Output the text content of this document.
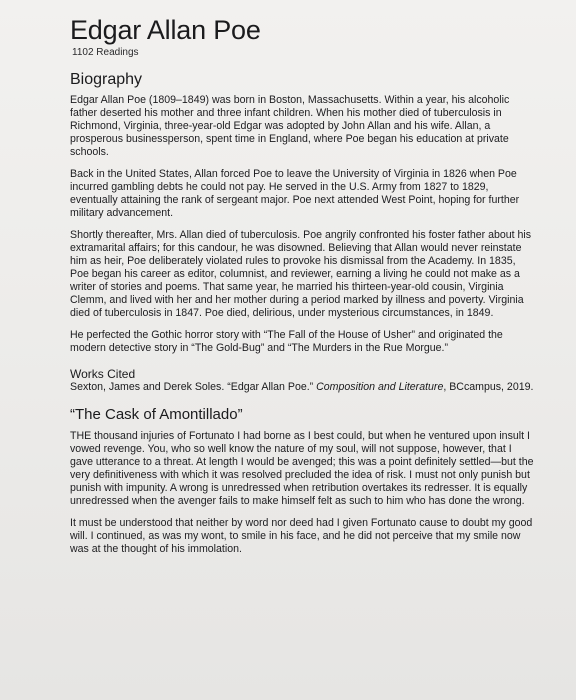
Edgar Allan Poe
1102 Readings
Biography

Edgar Allan Poe (1809–1849) was born in Boston, Massachusetts. Within a year, his alcoholic father deserted his mother and three infant children. When his mother died of tuberculosis in Richmond, Virginia, three-year-old Edgar was adopted by John Allan and his wife. Allan, a prosperous businessperson, spent time in England, where Poe began his education at private schools.

Back in the United States, Allan forced Poe to leave the University of Virginia in 1826 when Poe incurred gambling debts he could not pay. He served in the U.S. Army from 1827 to 1829, eventually attaining the rank of sergeant major. Poe next attended West Point, hoping for further military advancement.

Shortly thereafter, Mrs. Allan died of tuberculosis. Poe angrily confronted his foster father about his extramarital affairs; for this candour, he was disowned. Believing that Allan would never reinstate him as heir, Poe deliberately violated rules to provoke his dismissal from the Academy. In 1835, Poe began his career as editor, columnist, and reviewer, earning a living he could not make as a writer of stories and poems. That same year, he married his thirteen-year-old cousin, Virginia Clemm, and lived with her and her mother during a period marked by illness and poverty. Virginia died of tuberculosis in 1847. Poe died, delirious, under mysterious circumstances, in 1849.

He perfected the Gothic horror story with “The Fall of the House of Usher” and originated the modern detective story in “The Gold-Bug” and “The Murders in the Rue Morgue.”

Works Cited

Sexton, James and Derek Soles. “Edgar Allan Poe.” Composition and Literature, BCcampus, 2019.

“The Cask of Amontillado”

THE thousand injuries of Fortunato I had borne as I best could, but when he ventured upon insult I vowed revenge. You, who so well know the nature of my soul, will not suppose, however, that I gave utterance to a threat. At length I would be avenged; this was a point definitely settled—but the very definitiveness with which it was resolved precluded the idea of risk. I must not only punish but punish with impunity. A wrong is unredressed when retribution overtakes its redresser. It is equally unredressed when the avenger fails to make himself felt as such to him who has done the wrong.

It must be understood that neither by word nor deed had I given Fortunato cause to doubt my good will. I continued, as was my wont, to smile in his face, and he did not perceive that my smile now was at the thought of his immolation.
